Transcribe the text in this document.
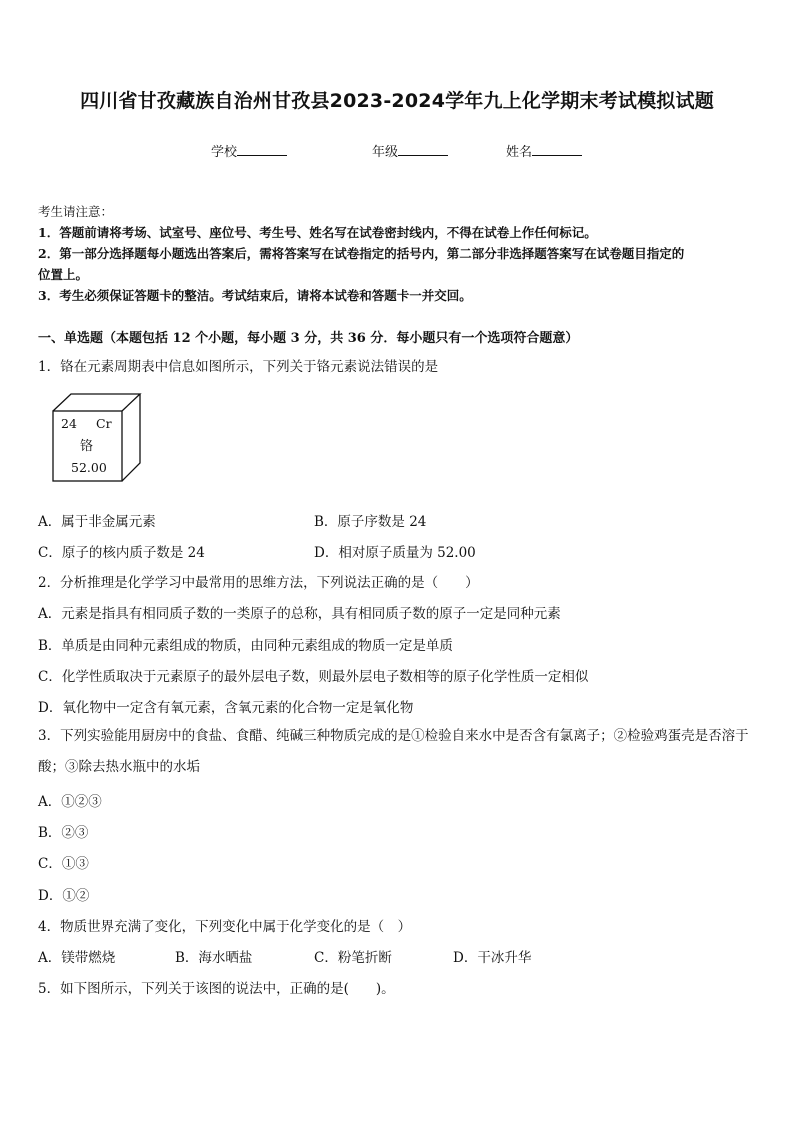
四川省甘孜藏族自治州甘孜县2023-2024学年九上化学期末考试模拟试题
学校	年级	姓名
考生请注意：
1．答题前请将考场、试室号、座位号、考生号、姓名写在试卷密封线内，不得在试卷上作任何标记。
2．第一部分选择题每小题选出答案后，需将答案写在试卷指定的括号内，第二部分非选择题答案写在试卷题目指定的
位置上。
3．考生必须保证答题卡的整洁。考试结束后，请将本试卷和答题卡一并交回。
一、单选题（本题包括 12 个小题，每小题 3 分，共 36 分．每小题只有一个选项符合题意）
1．铬在元素周期表中信息如图所示，下列关于铬元素说法错误的是
24 Cr
铬
52.00
A．属于非金属元素	B．原子序数是 24
C．原子的核内质子数是 24	D．相对原子质量为 52.00
2．分析推理是化学学习中最常用的思维方法，下列说法正确的是（　　）
A．元素是指具有相同质子数的一类原子的总称，具有相同质子数的原子一定是同种元素
B．单质是由同种元素组成的物质，由同种元素组成的物质一定是单质
C．化学性质取决于元素原子的最外层电子数，则最外层电子数相等的原子化学性质一定相似
D．氧化物中一定含有氧元素，含氧元素的化合物一定是氧化物
3．下列实验能用厨房中的食盐、食醋、纯碱三种物质完成的是①检验自来水中是否含有氯离子；②检验鸡蛋壳是否溶于酸；③除去热水瓶中的水垢
A．①②③
B．②③
C．①③
D．①②
4．物质世界充满了变化，下列变化中属于化学变化的是（　）
A．镁带燃烧	B．海水晒盐	C．粉笔折断	D．干冰升华
5．如下图所示，下列关于该图的说法中，正确的是(　　)。
